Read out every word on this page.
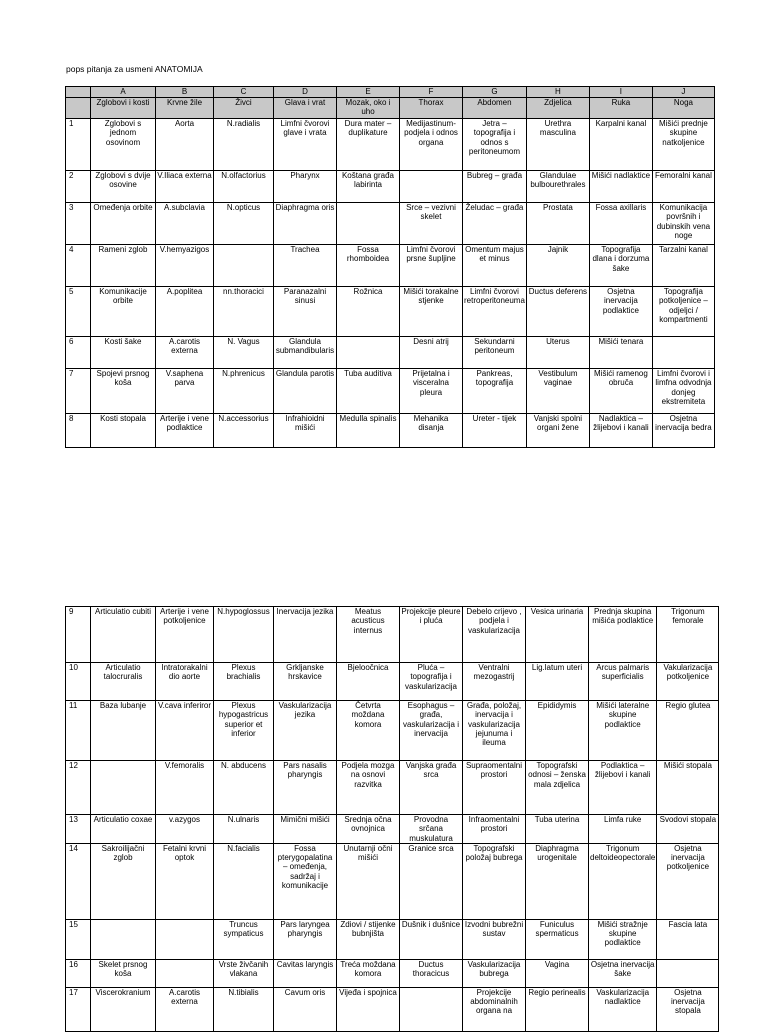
pops pitanja za usmeni ANATOMIJA
	A	B	C	D	E	F	G	H	I	J
	Zglobovi i kosti	Krvne žile	Živci	Glava i vrat	Mozak, oko i uho	Thorax	Abdomen	Zdjelica	Ruka	Noga
1	Zglobovi s jednom osovinom	Aorta	N.radialis	Limfni čvorovi glave i vrata	Dura mater – duplikature	Medijastinum- podjela i odnos organa	Jetra – topografija i odnos s peritoneumom	Urethra masculina	Karpalni kanal	Mišići prednje skupine natkoljenice
2	Zglobovi s dvije osovine	V.Iliaca externa	N.olfactorius	Pharynx	Koštana građa labirinta		Bubreg – građa	Glandulae bulbourethrales	Mišići nadlaktice	Femoralni kanal
3	Omeđenja orbite	A.subclavia	N.opticus	Diaphragma oris		Srce – vezivni skelet	Želudac – građa	Prostata	Fossa axillaris	Komunikacija površnih i dubinskih vena noge
4	Rameni zglob	V.hemyazigos		Trachea	Fossa rhomboidea	Limfni čvorovi prsne šupljine	Omentum majus et minus	Jajnik	Topografija dlana i dorzuma šake	Tarzalni kanal
5	Komunikacije orbite	A.poplitea	nn.thoracici	Paranazalni sinusi	Rožnica	Mišići torakalne stjenke	Limfni čvorovi retroperitoneuma	Ductus deferens	Osjetna inervacija podlaktice	Topografija potkoljenice – odjeljci / kompartmenti
6	Kosti šake	A.carotis externa	N. Vagus	Glandula submandibularis		Desni atrij	Sekundarni peritoneum	Uterus	Mišići tenara	
7	Spojevi prsnog koša	V.saphena parva	N.phrenicus	Glandula parotis	Tuba auditiva	Prijetalna i visceralna pleura	Pankreas, topografija	Vestibulum vaginae	Mišići ramenog obruča	Limfni čvorovi i limfna odvodnja donjeg ekstremiteta
8	Kosti stopala	Arterije i vene podlaktice	N.accessorius	Infrahioidni mišići	Medulla spinalis	Mehanika disanja	Ureter - tijek	Vanjski spolni organi žene	Nadlaktica – žlijebovi i kanali	Osjetna inervacija bedra
9	Articulatio cubiti	Arterije i vene potkoljenice	N.hypoglossus	Inervacija jezika	Meatus acusticus internus	Projekcije pleure i pluća	Debelo crijevo , podjela i vaskularizacija	Vesica urinaria	Prednja skupina mišića podlaktice	Trigonum femorale
10	Articulatio talocruralis	Intratorakalni dio aorte	Plexus brachialis	Grkljanske hrskavice	Bjeloočnica	Pluća – topografija i vaskularizacija	Ventralni mezogastrij	Lig.latum uteri	Arcus palmaris superficialis	Vakularizacija potkoljenice
11	Baza lubanje	V.cava inferiror	Plexus hypogastricus superior et inferior	Vaskularizacija jezika	Četvrta moždana komora	Esophagus – građa, vaskularizacija i inervacija	Građa, položaj, inervacija i vaskularizacija jejunuma i ileuma	Epididymis	Mišići lateralne skupine podlaktice	Regio glutea
12		V.femoralis	N. abducens	Pars nasalis pharyngis	Podjela mozga na osnovi razvitka	Vanjska građa srca	Supraomentalni prostori	Topografski odnosi – ženska mala zdjelica	Podlaktica – žlijebovi i kanali	Mišići stopala
13	Articulatio coxae	v.azygos	N.ulnaris	Mimični mišići	Srednja očna ovnojnica	Provodna srčana muskulatura	Infraomentalni prostori	Tuba uterina	Limfa ruke	Svodovi stopala
14	Sakroilijačni zglob	Fetalni krvni optok	N.facialis	Fossa pterygopalatina – omeđenja, sadržaj i komunikacije	Unutarnji očni mišići	Granice srca	Topografski položaj bubrega	Diaphragma urogenitale	Trigonum deltoideopectorale	Osjetna inervacija potkoljenice
15			Truncus sympaticus	Pars laryngea pharyngis	Zdiovi / stijenke bubnjišta	Dušnik i dušnice	Izvodni bubrežni sustav	Funiculus spermaticus	Mišići stražnje skupine podlaktice	Fascia lata
16	Skelet prsnog koša		Vrste živčanih vlakana	Cavitas laryngis	Treća moždana komora	Ductus thoracicus	Vaskularizacija bubrega	Vagina	Osjetna inervacija šake	
17	Viscerokranium	A.carotis externa	N.tibialis	Cavum oris	Vijeđa i spojnica		Projekcije abdominalnih organa na	Regio perinealis	Vaskularizacija nadlaktice	Osjetna inervacija stopala
